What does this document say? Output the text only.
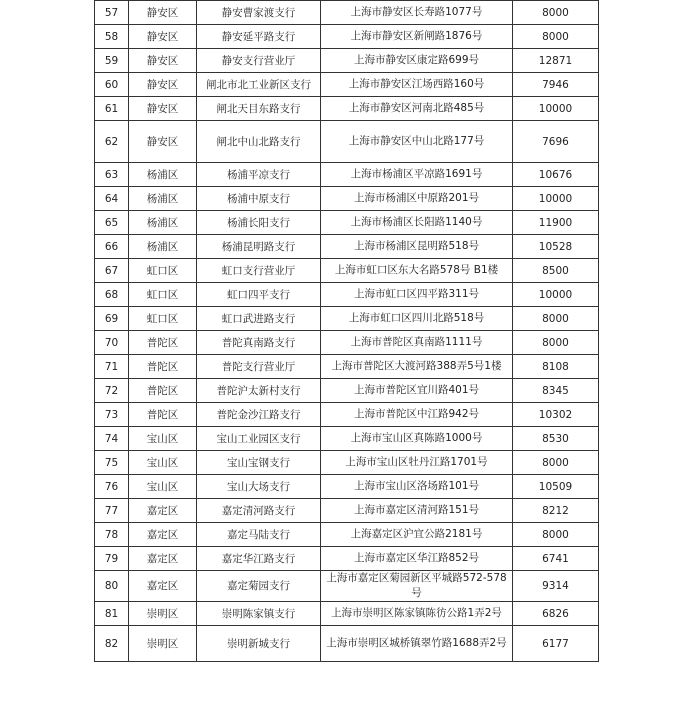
57	静安区	静安曹家渡支行	上海市静安区长寿路1077号	8000
58	静安区	静安延平路支行	上海市静安区新闸路1876号	8000
59	静安区	静安支行营业厅	上海市静安区康定路699号	12871
60	静安区	闸北市北工业新区支行	上海市静安区江场西路160号	7946
61	静安区	闸北天目东路支行	上海市静安区河南北路485号	10000
62	静安区	闸北中山北路支行	上海市静安区中山北路177号	7696
63	杨浦区	杨浦平凉支行	上海市杨浦区平凉路1691号	10676
64	杨浦区	杨浦中原支行	上海市杨浦区中原路201号	10000
65	杨浦区	杨浦长阳支行	上海市杨浦区长阳路1140号	11900
66	杨浦区	杨浦昆明路支行	上海市杨浦区昆明路518号	10528
67	虹口区	虹口支行营业厅	上海市虹口区东大名路578号 B1楼	8500
68	虹口区	虹口四平支行	上海市虹口区四平路311号	10000
69	虹口区	虹口武进路支行	上海市虹口区四川北路518号	8000
70	普陀区	普陀真南路支行	上海市普陀区真南路1111号	8000
71	普陀区	普陀支行营业厅	上海市普陀区大渡河路388弄5号1楼	8108
72	普陀区	普陀沪太新村支行	上海市普陀区宜川路401号	8345
73	普陀区	普陀金沙江路支行	上海市普陀区中江路942号	10302
74	宝山区	宝山工业园区支行	上海市宝山区真陈路1000号	8530
75	宝山区	宝山宝钢支行	上海市宝山区牡丹江路1701号	8000
76	宝山区	宝山大场支行	上海市宝山区洛场路101号	10509
77	嘉定区	嘉定清河路支行	上海市嘉定区清河路151号	8212
78	嘉定区	嘉定马陆支行	上海嘉定区沪宜公路2181号	8000
79	嘉定区	嘉定华江路支行	上海市嘉定区华江路852号	6741
80	嘉定区	嘉定菊园支行	上海市嘉定区菊园新区平城路572-578号	9314
81	崇明区	崇明陈家镇支行	上海市崇明区陈家镇陈彷公路1弄2号	6826
82	崇明区	崇明新城支行	上海市崇明区城桥镇翠竹路1688弄2号	6177
